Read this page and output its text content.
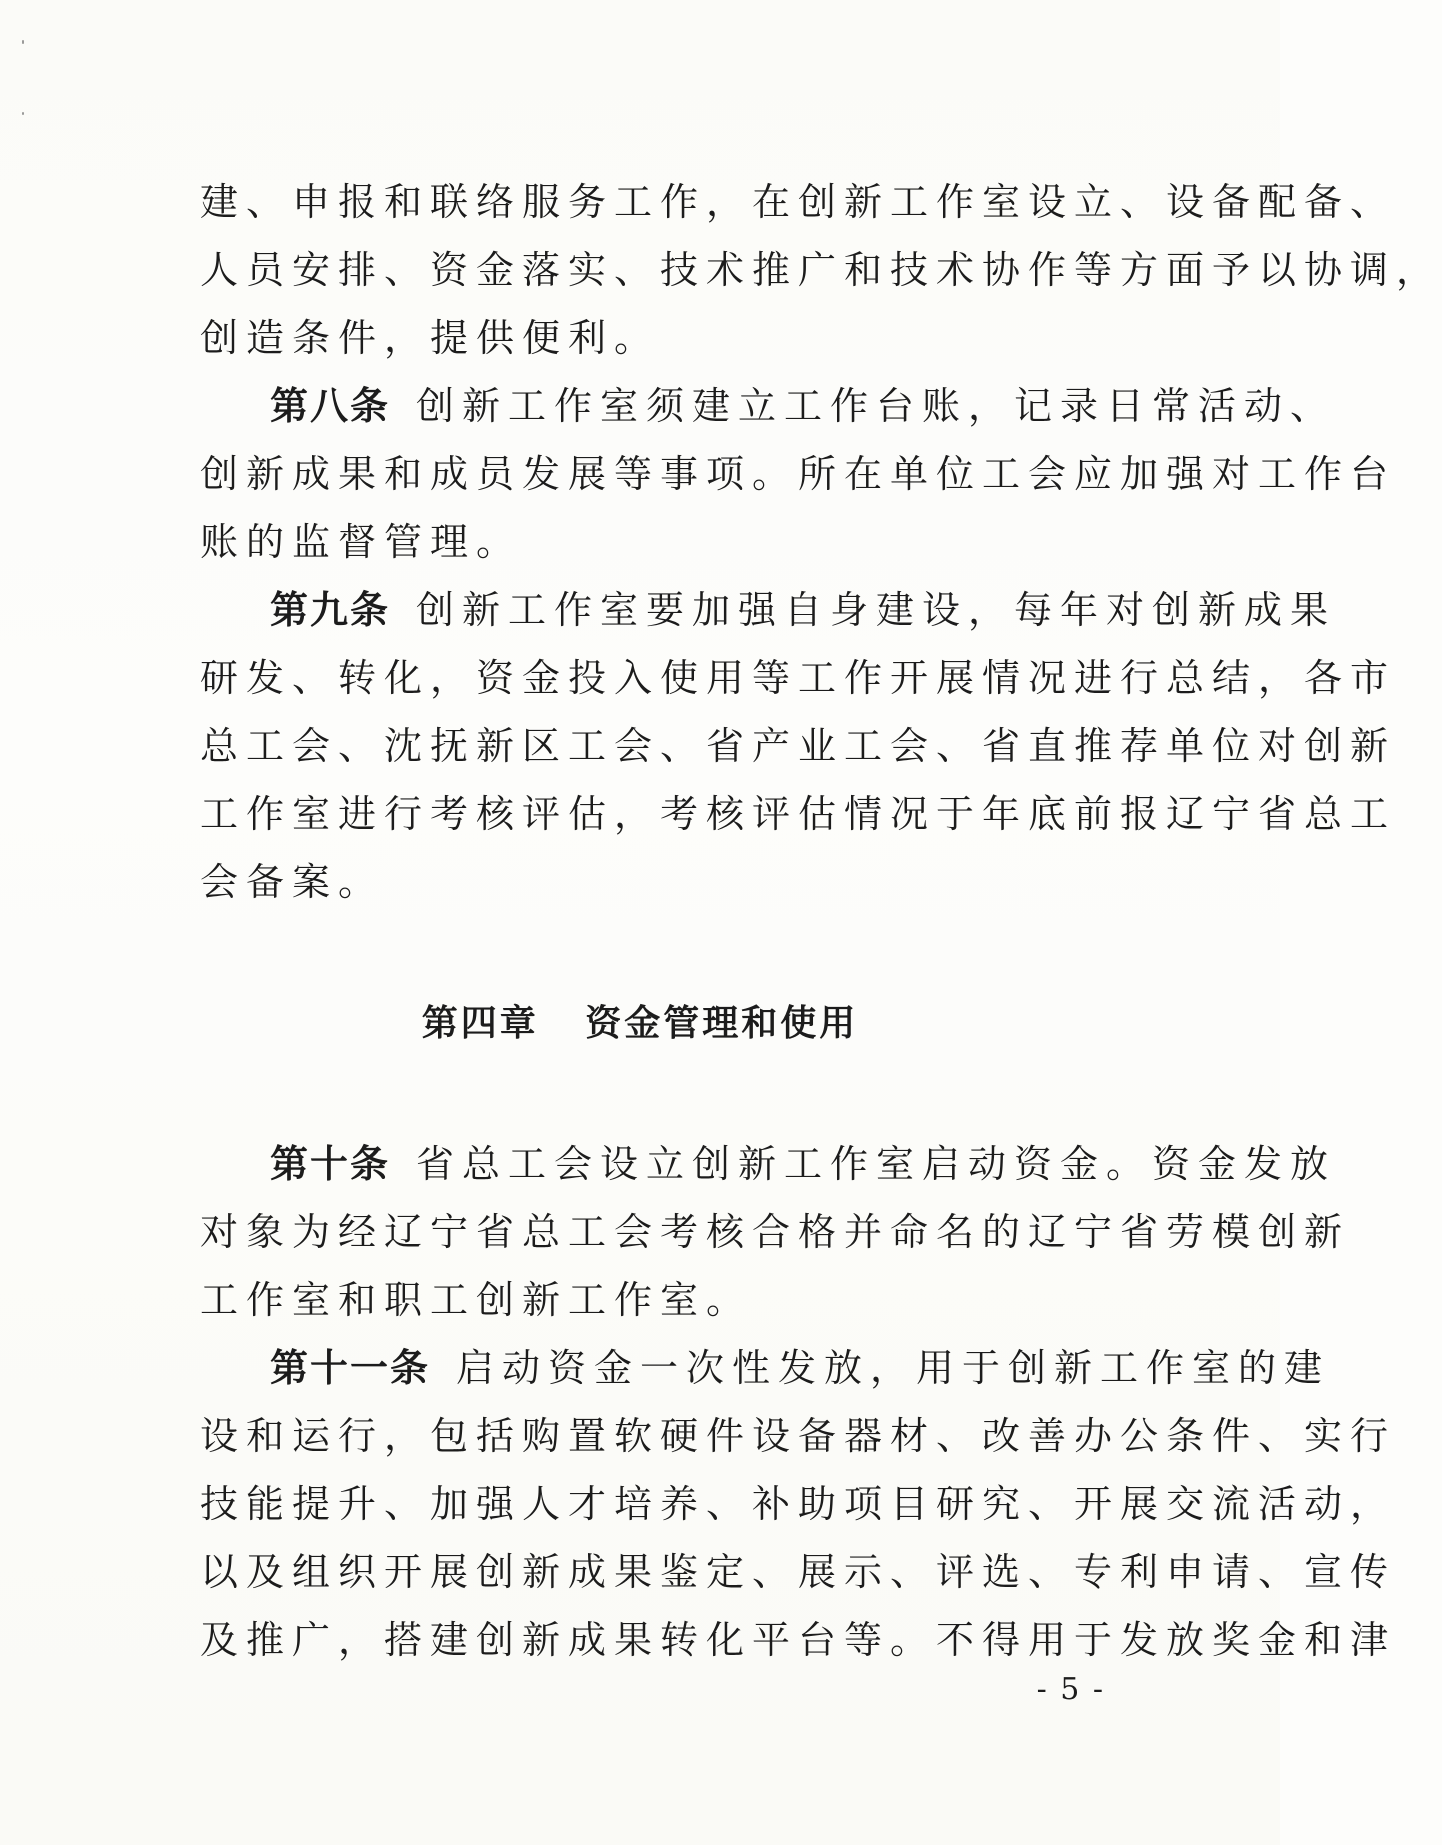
建、申报和联络服务工作，在创新工作室设立、设备配备、
人员安排、资金落实、技术推广和技术协作等方面予以协调，
创造条件，提供便利。
第八条 创新工作室须建立工作台账，记录日常活动、
创新成果和成员发展等事项。所在单位工会应加强对工作台
账的监督管理。
第九条 创新工作室要加强自身建设，每年对创新成果
研发、转化，资金投入使用等工作开展情况进行总结，各市
总工会、沈抚新区工会、省产业工会、省直推荐单位对创新
工作室进行考核评估，考核评估情况于年底前报辽宁省总工
会备案。
第四章   资金管理和使用
第十条 省总工会设立创新工作室启动资金。资金发放
对象为经辽宁省总工会考核合格并命名的辽宁省劳模创新
工作室和职工创新工作室。
第十一条 启动资金一次性发放，用于创新工作室的建
设和运行，包括购置软硬件设备器材、改善办公条件、实行
技能提升、加强人才培养、补助项目研究、开展交流活动，
以及组织开展创新成果鉴定、展示、评选、专利申请、宣传
及推广，搭建创新成果转化平台等。不得用于发放奖金和津
- 5 -
